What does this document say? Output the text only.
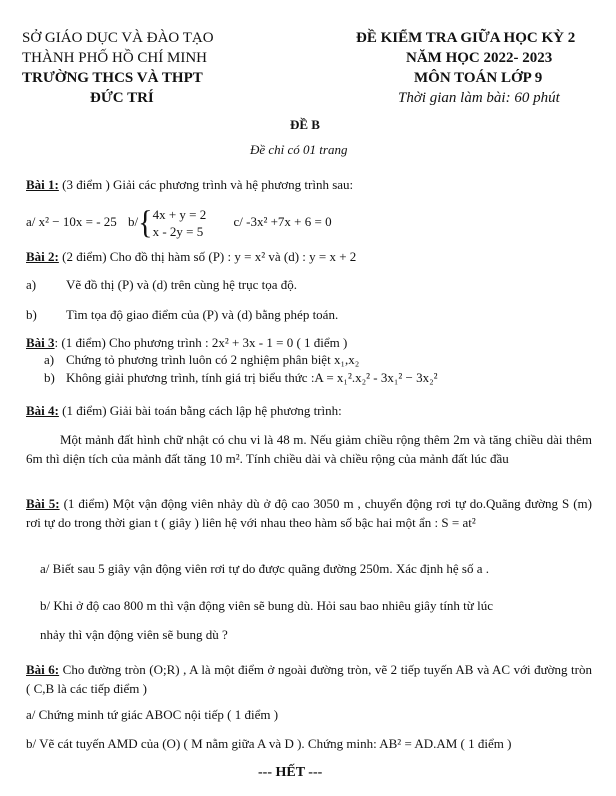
SỞ GIÁO DỤC VÀ ĐÀO TẠO
THÀNH PHỐ HỒ CHÍ MINH
TRƯỜNG THCS VÀ THPT
ĐỨC TRÍ
ĐỀ KIỂM TRA GIỮA HỌC KỲ 2
NĂM HỌC 2022- 2023
MÔN TOÁN LỚP 9
Thời gian làm bài: 60 phút
ĐỀ B
Đề chỉ có 01 trang
Bài 1: (3 điểm ) Giải các phương trình và hệ phương trình sau:
a/ x² − 10x = - 25 b/{ 4x + y = 2
x - 2y = 5
c/ -3x² +7x + 6 = 0
Bài 2: (2 điểm) Cho đồ thị hàm số (P) : y = x² và (d) : y = x + 2
a) Vẽ đồ thị (P) và (d) trên cùng hệ trục tọa độ.
b) Tìm tọa độ giao điểm của (P) và (d) bằng phép toán.
Bài 3: (1 điểm) Cho phương trình : 2x² + 3x - 1 = 0 ( 1 điểm )
a) Chứng tỏ phương trình luôn có 2 nghiệm phân biệt x₁,x₂
b) Không giải phương trình, tính giá trị biểu thức :A = x₁².x₂² - 3x₁² − 3x₂²
Bài 4: (1 điểm) Giải bài toán bằng cách lập hệ phương trình:
Một mảnh đất hình chữ nhật có chu vi là 48 m. Nếu giảm chiều rộng thêm 2m và tăng chiều dài thêm 6m thì diện tích của mảnh đất tăng 10 m². Tính chiều dài và chiều rộng của mảnh đất lúc đầu
Bài 5: (1 điểm) Một vận động viên nhảy dù ở độ cao 3050 m , chuyển động rơi tự do.Quãng đường S (m) rơi tự do trong thời gian t ( giây ) liên hệ với nhau theo hàm số bậc hai một ẩn : S = at²
a/ Biết sau 5 giây vận động viên rơi tự do được quãng đường 250m. Xác định hệ số a .
b/ Khi ở độ cao 800 m thì vận động viên sẽ bung dù. Hỏi sau bao nhiêu giây tính từ lúc
nhảy thì vận động viên sẽ bung dù ?
Bài 6: Cho đường tròn (O;R) , A là một điểm ở ngoài đường tròn, vẽ 2 tiếp tuyến AB và AC với đường tròn ( C,B là các tiếp điểm )
a/ Chứng minh tứ giác ABOC nội tiếp ( 1 điểm )
b/ Vẽ cát tuyến AMD của (O) ( M nằm giữa A và D ). Chứng minh: AB² = AD.AM ( 1 điểm )
--- HẾT ---
